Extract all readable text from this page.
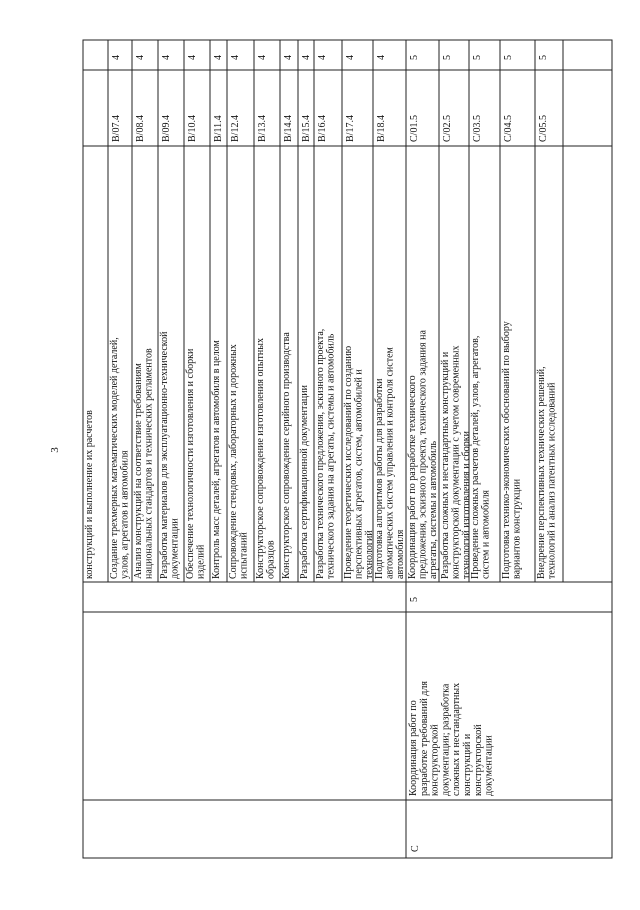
3 конструкций и выполнение их расчетов Создание трехмерных математических моделей деталей, узлов, агрегатов и автомобиля
B/07.4
4
Анализ конструкций на соответствие требованиям национальных стандартов и технических регламентов
B/08.4
4
Разработка материалов для эксплуатационно-технической документации
B/09.4
4
Обеспечение технологичности изготовления и сборки изделий
B/10.4
4
Контроль масс деталей, агрегатов и автомобиля в целом
B/11.4
4
Сопровождение стендовых, лабораторных и дорожных испытаний
B/12.4
4
Конструкторское сопровождение изготовления опытных образцов
B/13.4
4
Конструкторское сопровождение серийного производства
B/14.4
4
Разработка сертификационной документации
B/15.4
4
Разработка технического предложения, эскизного проекта, технического задания на агрегаты, системы и автомобиль
B/16.4
4
Проведение теоретических исследований по созданию перспективных агрегатов, систем, автомобилей и технологий
B/17.4
4
Подготовка алгоритмов работы для разработки автоматических систем управления и контроля систем автомобиля
B/18.4
4
Координация работ по разработке технического предложения, эскизного проекта, технического задания на агрегаты, системы и автомобиль
C/01.5
5
Разработка сложных и нестандартных конструкций и конструкторской документации с учетом современных технологий изготовления и сборки
C/02.5
5
Проведение сложных расчетов деталей, узлов, агрегатов, систем и автомобиля
C/03.5
5
Подготовка технико-экономических обоснований по выбору вариантов конструкции
C/04.5
5
Внедрение перспективных технических решений, технологий и анализ патентных исследований
C/05.5
5
С
5
Координация работ по разработке требований для конструкторской документации; разработка сложных и нестандартных конструкций и конструкторской документации
